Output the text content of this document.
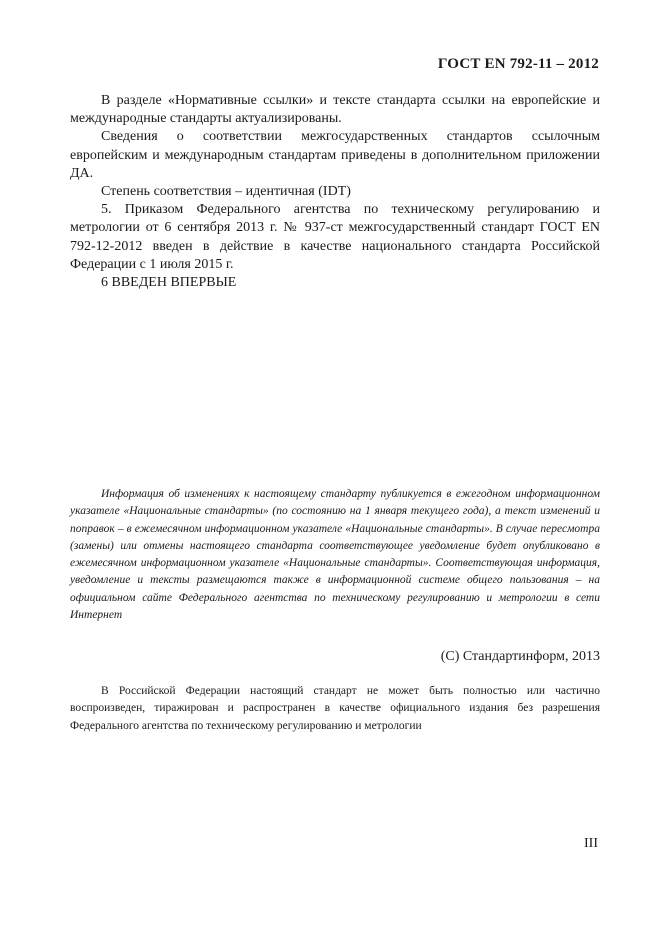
ГОСТ EN 792-11 – 2012

В разделе «Нормативные ссылки» и тексте стандарта ссылки на европейские и международные стандарты актуализированы.

Сведения о соответствии межгосударственных стандартов ссылочным европейским и международным стандартам приведены в дополнительном приложении ДА.

Степень соответствия – идентичная (IDT)

5. Приказом Федерального агентства по техническому регулированию и метрологии от 6 сентября 2013 г. № 937-ст межгосударственный стандарт ГОСТ EN 792-12-2012 введен в действие в качестве национального стандарта Российской Федерации с 1 июля 2015 г.

6 ВВЕДЕН ВПЕРВЫЕ

Информация об изменениях к настоящему стандарту публикуется в ежегодном информационном указателе «Национальные стандарты» (по состоянию на 1 января текущего года), а текст изменений и поправок – в ежемесячном информационном указателе «Национальные стандарты». В случае пересмотра (замены) или отмены настоящего стандарта соответствующее уведомление будет опубликовано в ежемесячном информационном указателе «Национальные стандарты». Соответствующая информация, уведомление и тексты размещаются также в информационной системе общего пользования – на официальном сайте Федерального агентства по техническому регулированию и метрологии в сети Интернет

(С) Стандартинформ, 2013

В Российской Федерации настоящий стандарт не может быть полностью или частично воспроизведен, тиражирован и распространен в качестве официального издания без разрешения Федерального агентства по техническому регулированию и метрологии

III
